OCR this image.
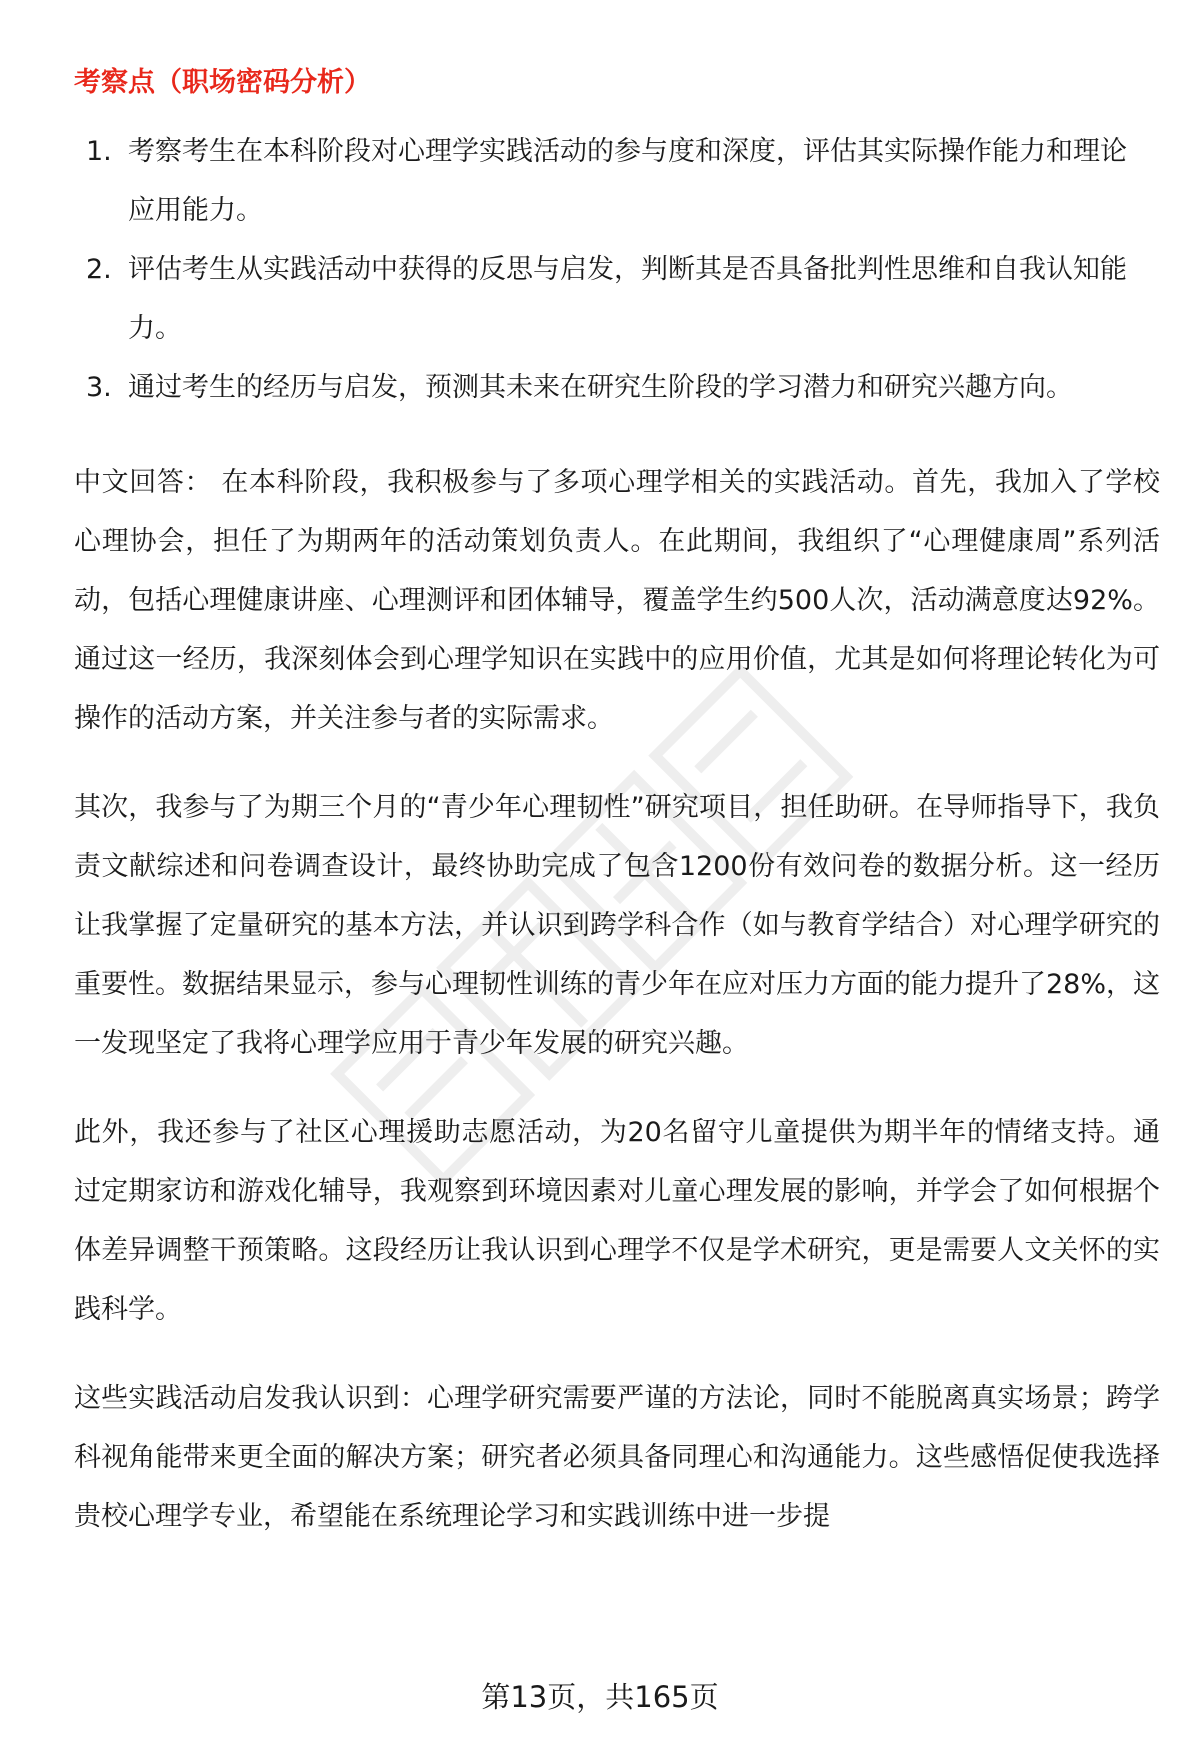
考察点（职场密码分析）
1. 考察考生在本科阶段对心理学实践活动的参与度和深度，评估其实际操作能力和理论应用能力。
2. 评估考生从实践活动中获得的反思与启发，判断其是否具备批判性思维和自我认知能力。
3. 通过考生的经历与启发，预测其未来在研究生阶段的学习潜力和研究兴趣方向。

中文回答： 在本科阶段，我积极参与了多项心理学相关的实践活动。首先，我加入了学校心理协会，担任了为期两年的活动策划负责人。在此期间，我组织了“心理健康周”系列活动，包括心理健康讲座、心理测评和团体辅导，覆盖学生约500人次，活动满意度达92%。通过这一经历，我深刻体会到心理学知识在实践中的应用价值，尤其是如何将理论转化为可操作的活动方案，并关注参与者的实际需求。

其次，我参与了为期三个月的“青少年心理韧性”研究项目，担任助研。在导师指导下，我负责文献综述和问卷调查设计，最终协助完成了包含1200份有效问卷的数据分析。这一经历让我掌握了定量研究的基本方法，并认识到跨学科合作（如与教育学结合）对心理学研究的重要性。数据结果显示，参与心理韧性训练的青少年在应对压力方面的能力提升了28%，这一发现坚定了我将心理学应用于青少年发展的研究兴趣。

此外，我还参与了社区心理援助志愿活动，为20名留守儿童提供为期半年的情绪支持。通过定期家访和游戏化辅导，我观察到环境因素对儿童心理发展的影响，并学会了如何根据个体差异调整干预策略。这段经历让我认识到心理学不仅是学术研究，更是需要人文关怀的实践科学。

这些实践活动启发我认识到：心理学研究需要严谨的方法论，同时不能脱离真实场景；跨学科视角能带来更全面的解决方案；研究者必须具备同理心和沟通能力。这些感悟促使我选择贵校心理学专业，希望能在系统理论学习和实践训练中进一步提

第13页，共165页
